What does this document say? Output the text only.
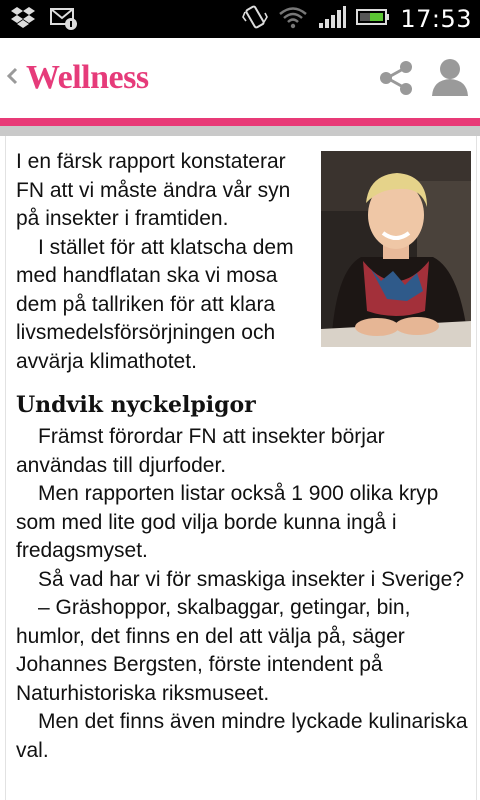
17:53
Wellness

I en färsk rapport konstaterar FN att vi måste ändra vår syn på insekter i framtiden.

I stället för att klatscha dem med handflatan ska vi mosa dem på tallriken för att klara livsmedelsförsörjningen och avvärja klimathotet.

Undvik nyckelpigor

Främst förordar FN att insekter börjar användas till djurfoder.

Men rapporten listar också 1 900 olika kryp som med lite god vilja borde kunna ingå i fredagsmyset.

Så vad har vi för smaskiga insekter i Sverige?

– Gräshoppor, skalbaggar, getingar, bin, humlor, det finns en del att välja på, säger Johannes Bergsten, förste intendent på Naturhistoriska riksmuseet.

Men det finns även mindre lyckade kulinariska val.
